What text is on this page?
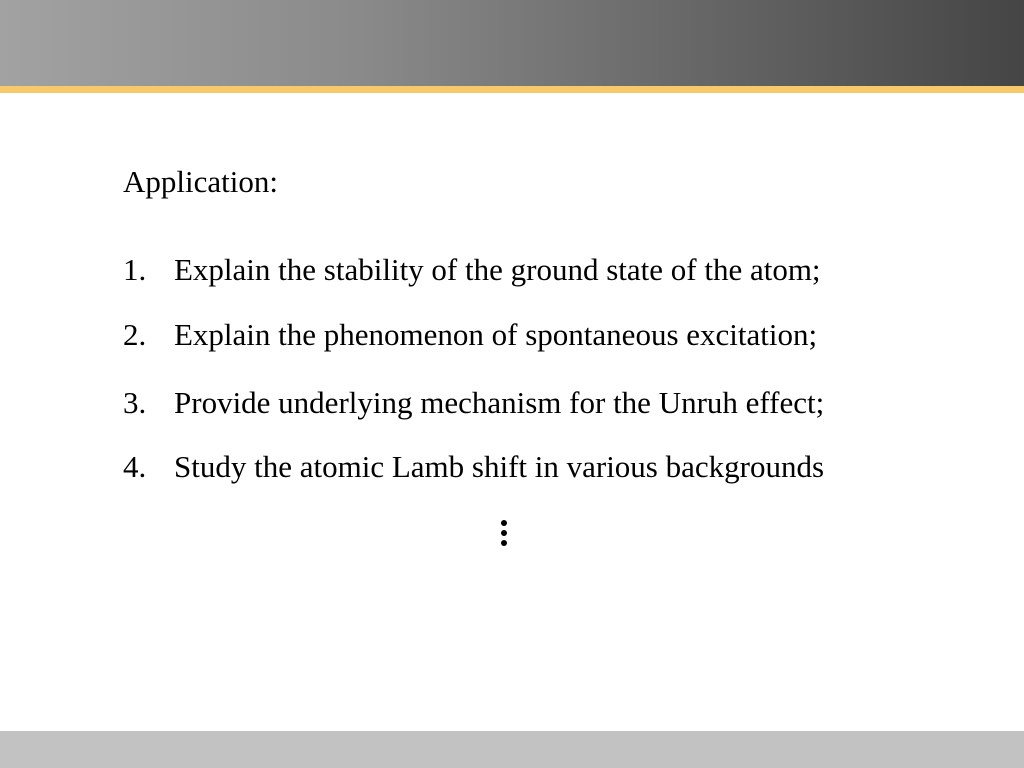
Application:
1. Explain the stability of the ground state of the atom;
2. Explain the phenomenon of spontaneous excitation;
3. Provide underlying mechanism for the Unruh effect;
4. Study the atomic Lamb shift in various backgrounds
